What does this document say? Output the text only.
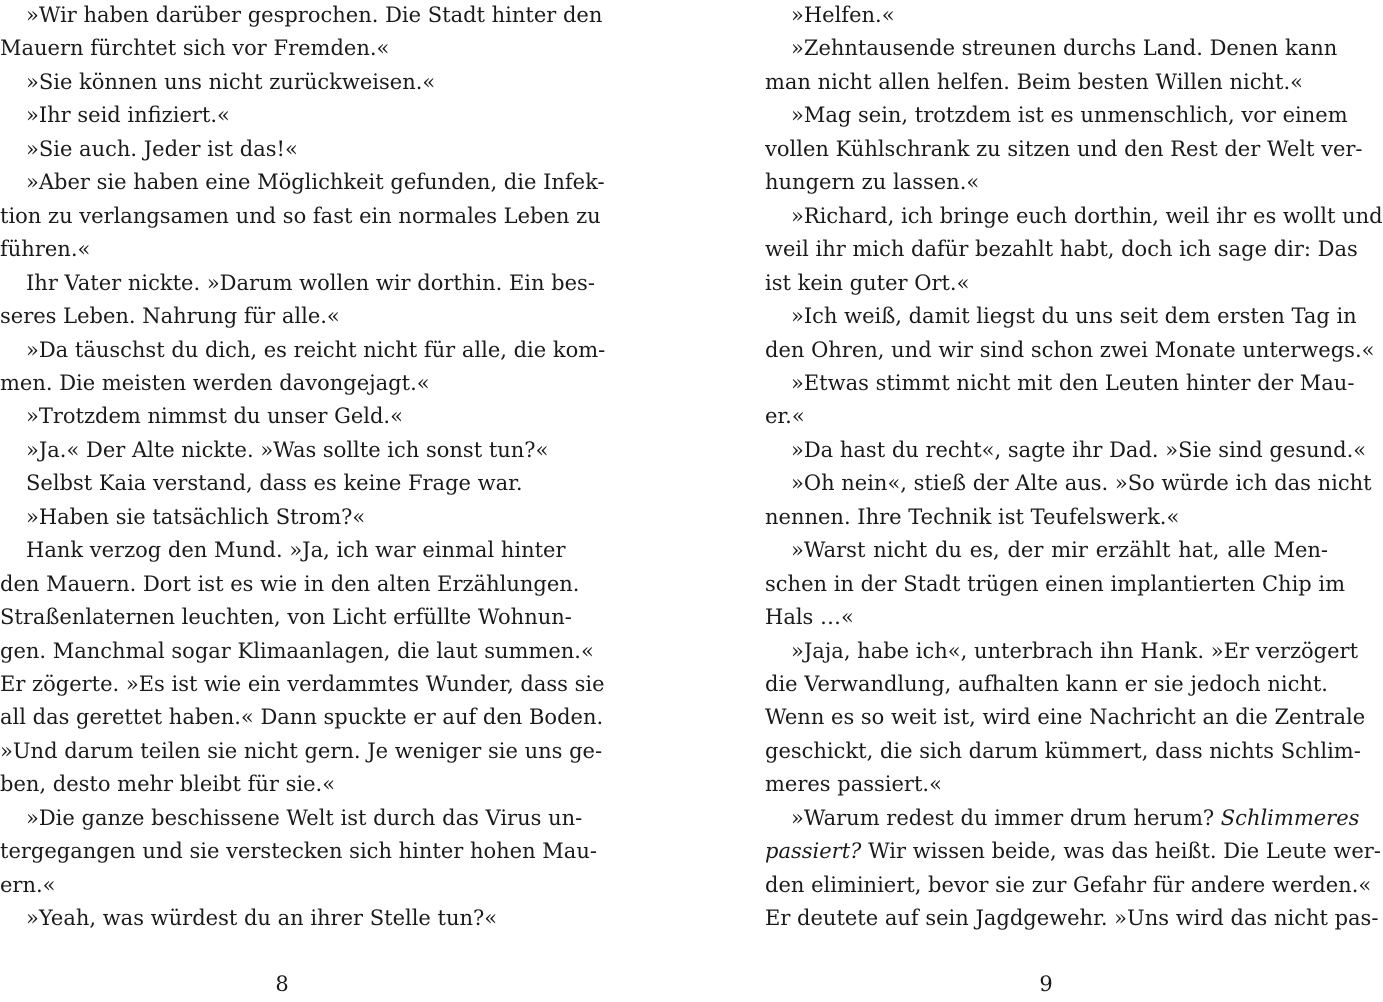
»Wir haben darüber gesprochen. Die Stadt hinter den
Mauern fürchtet sich vor Fremden.«
»Sie können uns nicht zurückweisen.«
»Ihr seid infiziert.«
»Sie auch. Jeder ist das!«
»Aber sie haben eine Möglichkeit gefunden, die Infek-
tion zu verlangsamen und so fast ein normales Leben zu
führen.«
Ihr Vater nickte. »Darum wollen wir dorthin. Ein bes-
seres Leben. Nahrung für alle.«
»Da täuschst du dich, es reicht nicht für alle, die kom-
men. Die meisten werden davongejagt.«
»Trotzdem nimmst du unser Geld.«
»Ja.« Der Alte nickte. »Was sollte ich sonst tun?«
Selbst Kaia verstand, dass es keine Frage war.
»Haben sie tatsächlich Strom?«
Hank verzog den Mund. »Ja, ich war einmal hinter
den Mauern. Dort ist es wie in den alten Erzählungen.
Straßenlaternen leuchten, von Licht erfüllte Wohnun-
gen. Manchmal sogar Klimaanlagen, die laut summen.«
Er zögerte. »Es ist wie ein verdammtes Wunder, dass sie
all das gerettet haben.« Dann spuckte er auf den Boden.
»Und darum teilen sie nicht gern. Je weniger sie uns ge-
ben, desto mehr bleibt für sie.«
»Die ganze beschissene Welt ist durch das Virus un-
tergegangen und sie verstecken sich hinter hohen Mau-
ern.«
»Yeah, was würdest du an ihrer Stelle tun?«
»Helfen.«
»Zehntausende streunen durchs Land. Denen kann
man nicht allen helfen. Beim besten Willen nicht.«
»Mag sein, trotzdem ist es unmenschlich, vor einem
vollen Kühlschrank zu sitzen und den Rest der Welt ver-
hungern zu lassen.«
»Richard, ich bringe euch dorthin, weil ihr es wollt und
weil ihr mich dafür bezahlt habt, doch ich sage dir: Das
ist kein guter Ort.«
»Ich weiß, damit liegst du uns seit dem ersten Tag in
den Ohren, und wir sind schon zwei Monate unterwegs.«
»Etwas stimmt nicht mit den Leuten hinter der Mau-
er.«
»Da hast du recht«, sagte ihr Dad. »Sie sind gesund.«
»Oh nein«, stieß der Alte aus. »So würde ich das nicht
nennen. Ihre Technik ist Teufelswerk.«
»Warst nicht du es, der mir erzählt hat, alle Men-
schen in der Stadt trügen einen implantierten Chip im
Hals …«
»Jaja, habe ich«, unterbrach ihn Hank. »Er verzögert
die Verwandlung, aufhalten kann er sie jedoch nicht.
Wenn es so weit ist, wird eine Nachricht an die Zentrale
geschickt, die sich darum kümmert, dass nichts Schlim-
meres passiert.«
»Warum redest du immer drum herum? Schlimmeres
passiert? Wir wissen beide, was das heißt. Die Leute wer-
den eliminiert, bevor sie zur Gefahr für andere werden.«
Er deutete auf sein Jagdgewehr. »Uns wird das nicht pas-
8	9
